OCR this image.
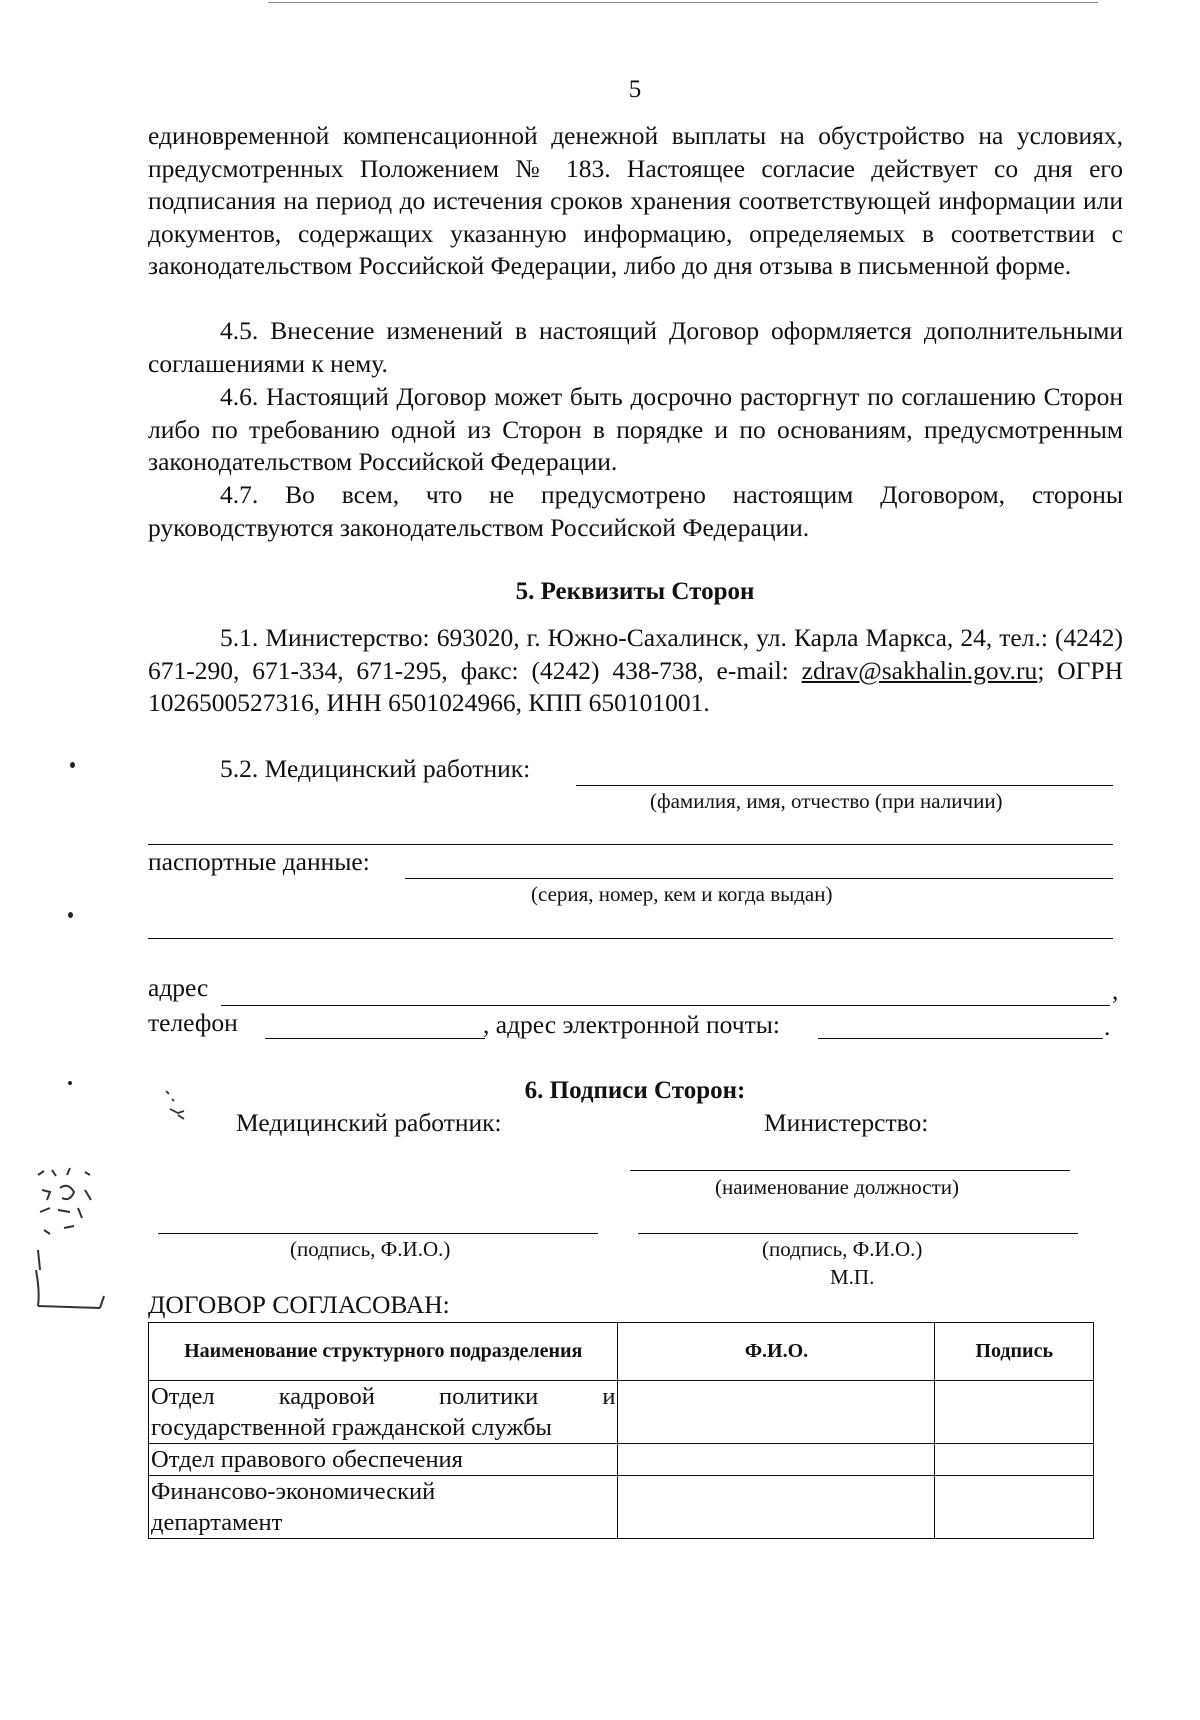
5
единовременной компенсационной денежной выплаты на обустройство на условиях, предусмотренных Положением № 183. Настоящее согласие действует со дня его подписания на период до истечения сроков хранения соответствующей информации или документов, содержащих указанную информацию, определяемых в соответствии с законодательством Российской Федерации, либо до дня отзыва в письменной форме.
4.5. Внесение изменений в настоящий Договор оформляется дополнительными соглашениями к нему.
4.6. Настоящий Договор может быть досрочно расторгнут по соглашению Сторон либо по требованию одной из Сторон в порядке и по основаниям, предусмотренным законодательством Российской Федерации.
4.7. Во всем, что не предусмотрено настоящим Договором, стороны руководствуются законодательством Российской Федерации.
5. Реквизиты Сторон
5.1. Министерство: 693020, г. Южно-Сахалинск, ул. Карла Маркса, 24, тел.: (4242) 671-290, 671-334, 671-295, факс: (4242) 438-738, e-mail: zdrav@sakhalin.gov.ru; ОГРН 1026500527316, ИНН 6501024966, КПП 650101001.
5.2. Медицинский работник:
(фамилия, имя, отчество (при наличии)
паспортные данные:
(серия, номер, кем и когда выдан)
адрес	,
телефон	, адрес электронной почты:	.
6. Подписи Сторон:
Медицинский работник:	Министерство:
(наименование должности)
(подпись, Ф.И.О.)	(подпись, Ф.И.О.)
М.П.
ДОГОВОР СОГЛАСОВАН:
Наименование структурного подразделения	Ф.И.О.	Подпись

Отдел кадровой политики и
государственной гражданской службы		

Отдел правового обеспечения		

Финансово-экономический
департамент		
